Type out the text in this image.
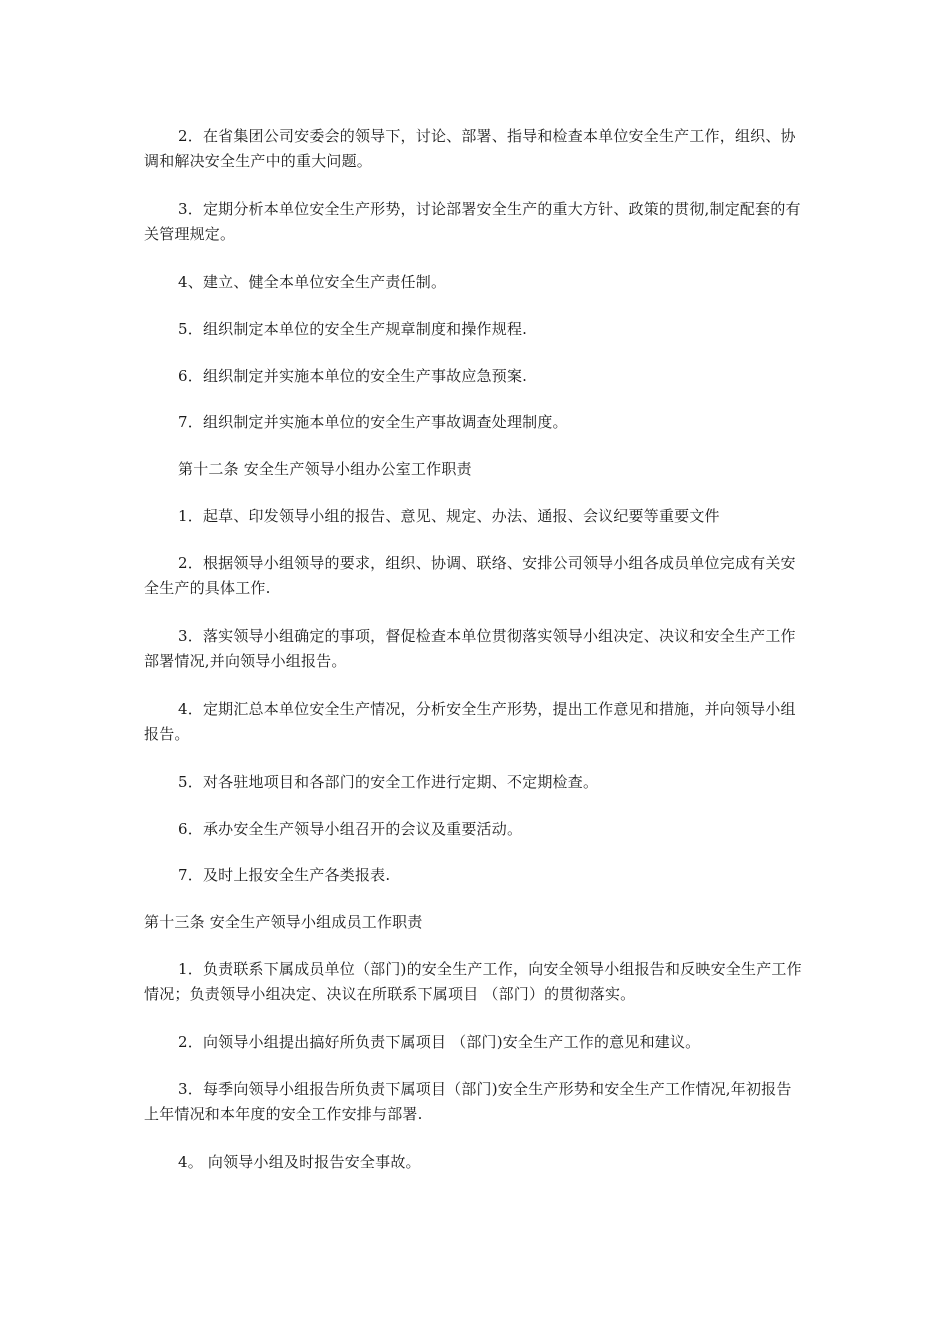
2．在省集团公司安委会的领导下，讨论、部署、指导和检查本单位安全生产工作，组织、协调和解决安全生产中的重大问题。

3．定期分析本单位安全生产形势，讨论部署安全生产的重大方针、政策的贯彻,制定配套的有关管理规定。

4、建立、健全本单位安全生产责任制。

5．组织制定本单位的安全生产规章制度和操作规程.

6．组织制定并实施本单位的安全生产事故应急预案.

7．组织制定并实施本单位的安全生产事故调查处理制度。

第十二条 安全生产领导小组办公室工作职责

1．起草、印发领导小组的报告、意见、规定、办法、通报、会议纪要等重要文件

2．根据领导小组领导的要求，组织、协调、联络、安排公司领导小组各成员单位完成有关安全生产的具体工作.

3．落实领导小组确定的事项，督促检查本单位贯彻落实领导小组决定、决议和安全生产工作部署情况,并向领导小组报告。

4．定期汇总本单位安全生产情况，分析安全生产形势，提出工作意见和措施，并向领导小组报告。

5．对各驻地项目和各部门的安全工作进行定期、不定期检查。

6．承办安全生产领导小组召开的会议及重要活动。

7．及时上报安全生产各类报表.

第十三条 安全生产领导小组成员工作职责

1．负责联系下属成员单位（部门)的安全生产工作，向安全领导小组报告和反映安全生产工作情况；负责领导小组决定、决议在所联系下属项目 （部门）的贯彻落实。

2．向领导小组提出搞好所负责下属项目 （部门)安全生产工作的意见和建议。

3．每季向领导小组报告所负责下属项目（部门)安全生产形势和安全生产工作情况,年初报告上年情况和本年度的安全工作安排与部署.

4。 向领导小组及时报告安全事故。
